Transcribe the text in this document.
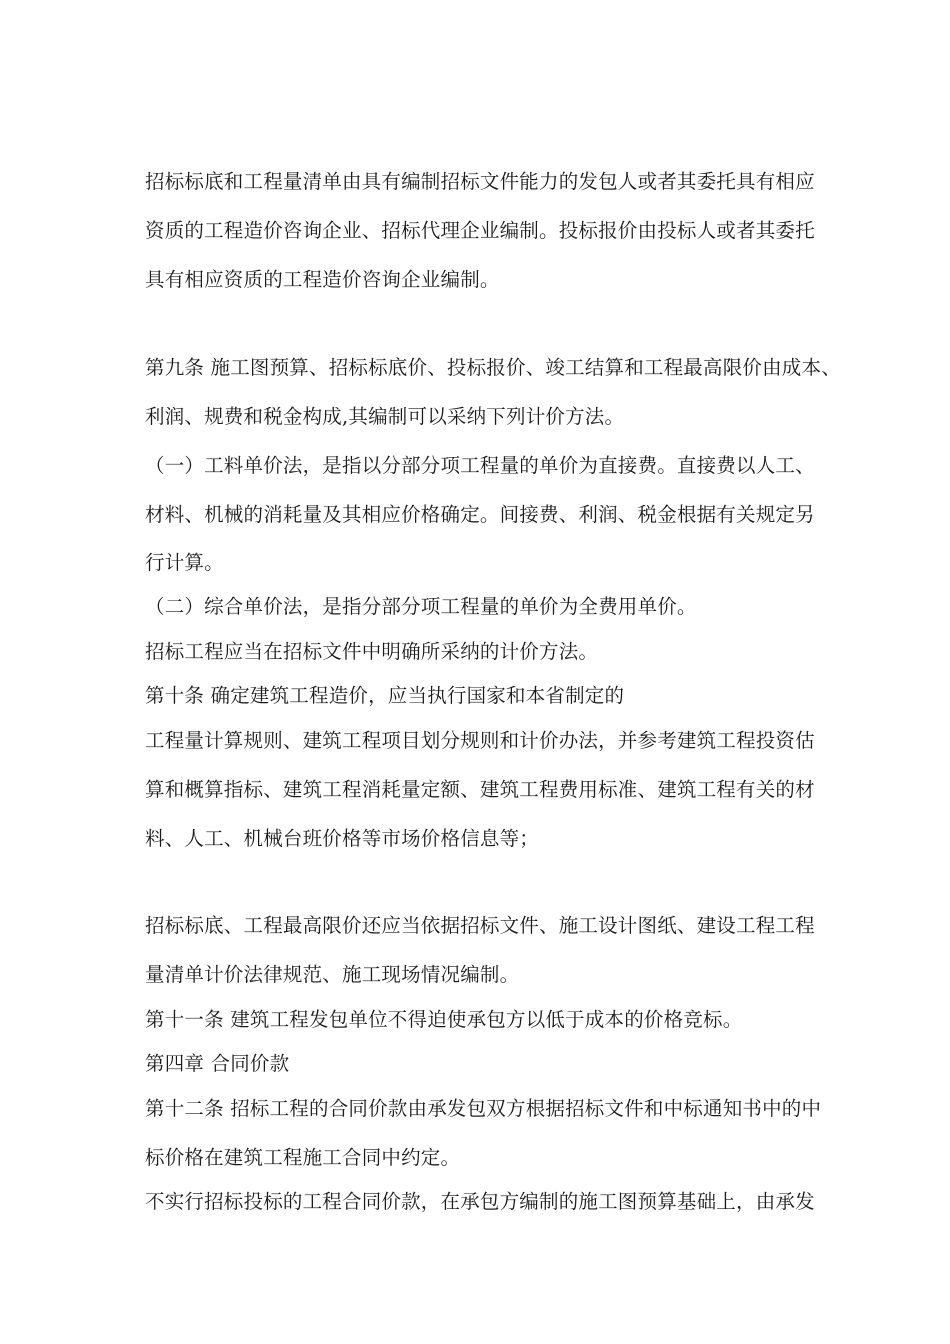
招标标底和工程量清单由具有编制招标文件能力的发包人或者其委托具有相应
资质的工程造价咨询企业、招标代理企业编制。投标报价由投标人或者其委托
具有相应资质的工程造价咨询企业编制。
第九条 施工图预算、招标标底价、投标报价、竣工结算和工程最高限价由成本、
利润、规费和税金构成,其编制可以采纳下列计价方法。
（一）工料单价法，是指以分部分项工程量的单价为直接费。直接费以人工、
材料、机械的消耗量及其相应价格确定。间接费、利润、税金根据有关规定另
行计算。
（二）综合单价法，是指分部分项工程量的单价为全费用单价。
招标工程应当在招标文件中明确所采纳的计价方法。
第十条 确定建筑工程造价，应当执行国家和本省制定的
工程量计算规则、建筑工程项目划分规则和计价办法，并参考建筑工程投资估
算和概算指标、建筑工程消耗量定额、建筑工程费用标准、建筑工程有关的材
料、人工、机械台班价格等市场价格信息等；
招标标底、工程最高限价还应当依据招标文件、施工设计图纸、建设工程工程
量清单计价法律规范、施工现场情况编制。
第十一条 建筑工程发包单位不得迫使承包方以低于成本的价格竞标。
第四章 合同价款
第十二条 招标工程的合同价款由承发包双方根据招标文件和中标通知书中的中
标价格在建筑工程施工合同中约定。
不实行招标投标的工程合同价款，在承包方编制的施工图预算基础上，由承发
